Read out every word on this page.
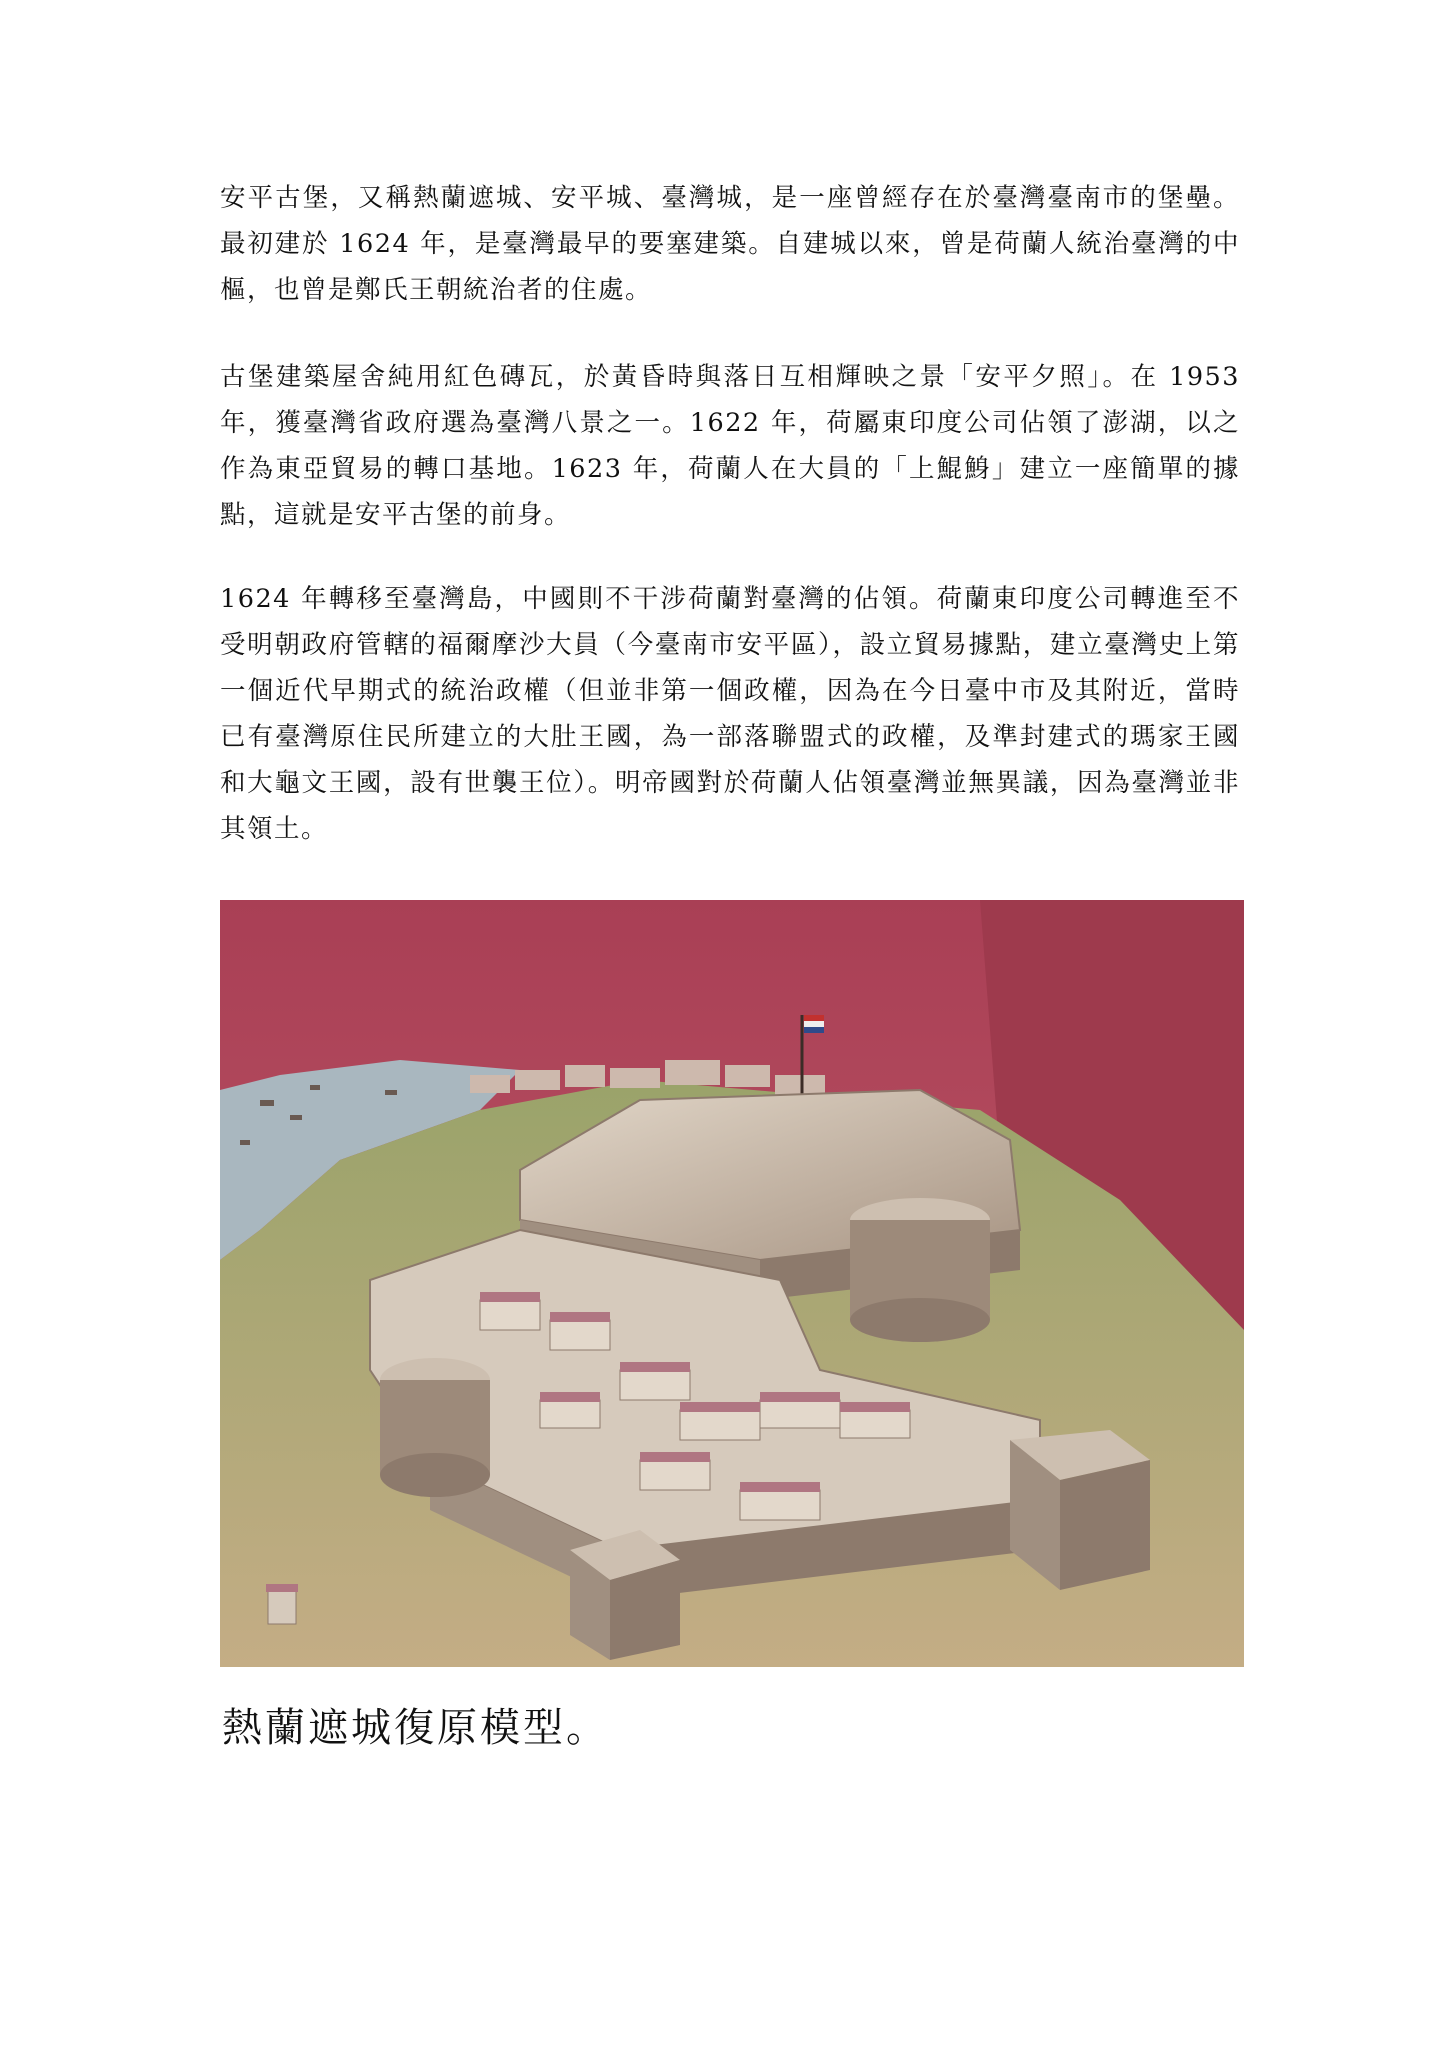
安平古堡，又稱熱蘭遮城、安平城、臺灣城，是一座曾經存在於臺灣臺南市的堡壘。最初建於 1624 年，是臺灣最早的要塞建築。自建城以來，曾是荷蘭人統治臺灣的中樞，也曾是鄭氏王朝統治者的住處。

古堡建築屋舍純用紅色磚瓦，於黃昏時與落日互相輝映之景「安平夕照」。在 1953 年，獲臺灣省政府選為臺灣八景之一。1622 年，荷屬東印度公司佔領了澎湖，以之作為東亞貿易的轉口基地。1623 年，荷蘭人在大員的「上鯤鯓」建立一座簡單的據點，這就是安平古堡的前身。

1624 年轉移至臺灣島，中國則不干涉荷蘭對臺灣的佔領。荷蘭東印度公司轉進至不受明朝政府管轄的福爾摩沙大員（今臺南市安平區），設立貿易據點，建立臺灣史上第一個近代早期式的統治政權（但並非第一個政權，因為在今日臺中市及其附近，當時已有臺灣原住民所建立的大肚王國，為一部落聯盟式的政權，及準封建式的瑪家王國和大龜文王國，設有世襲王位）。明帝國對於荷蘭人佔領臺灣並無異議，因為臺灣並非其領土。

熱蘭遮城復原模型。
